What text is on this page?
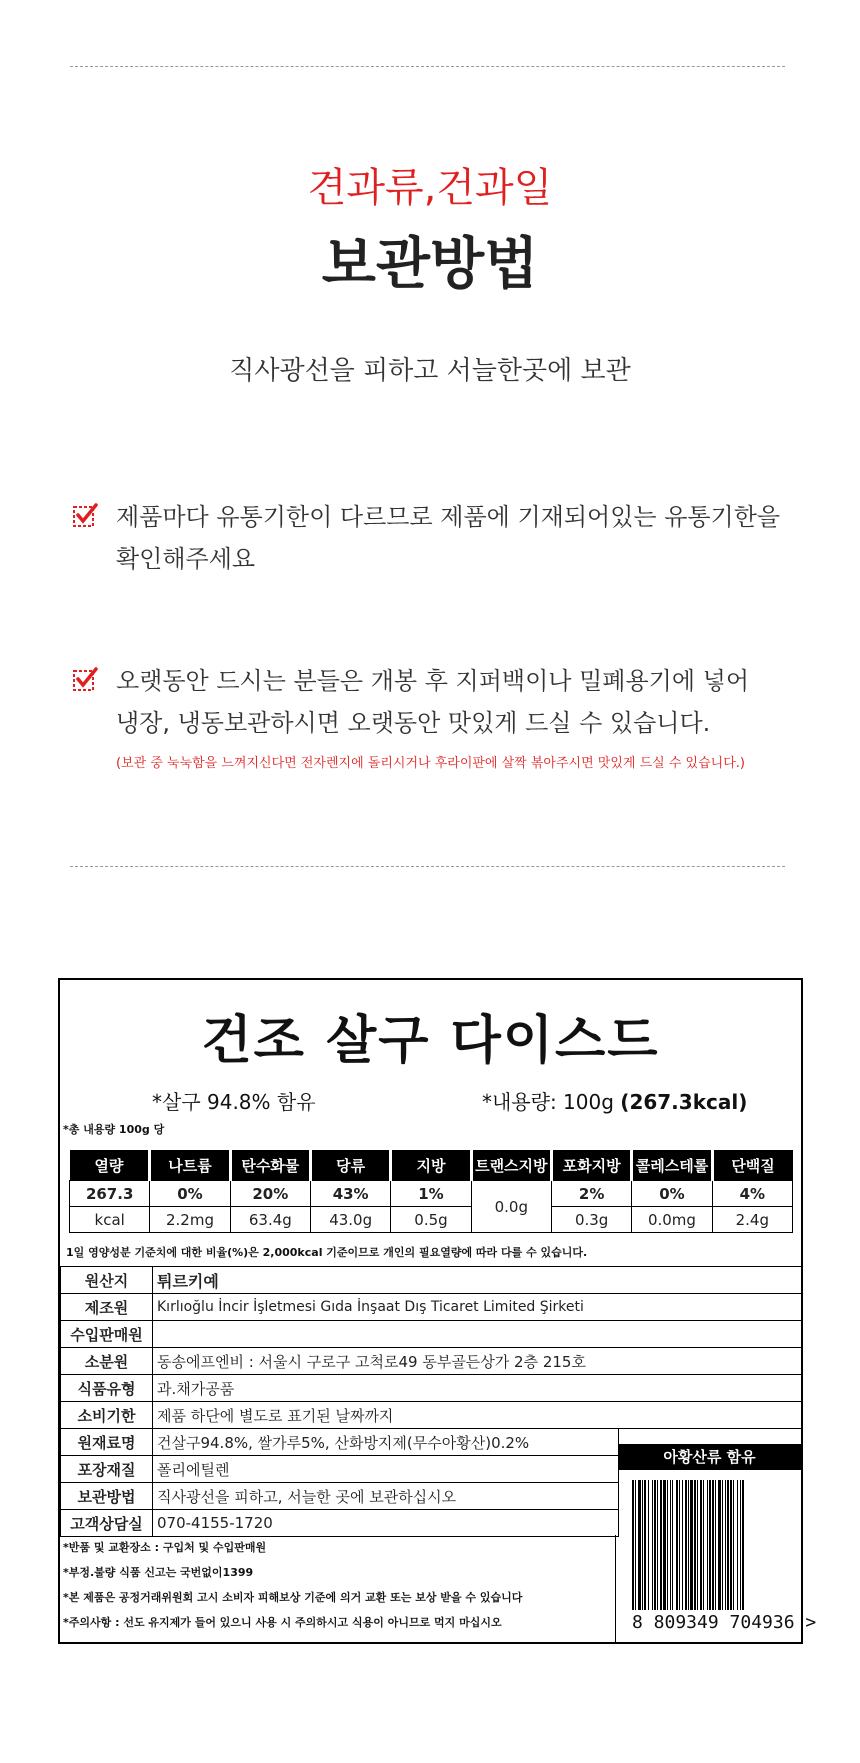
견과류,건과일
보관방법
직사광선을 피하고 서늘한곳에 보관
제품마다 유통기한이 다르므로 제품에 기재되어있는 유통기한을
확인해주세요
오랫동안 드시는 분들은 개봉 후 지퍼백이나 밀폐용기에 넣어
냉장, 냉동보관하시면 오랫동안 맛있게 드실 수 있습니다.
(보관 중 눅눅함을 느껴지신다면 전자렌지에 돌리시거나 후라이판에 살짝 볶아주시면 맛있게 드실 수 있습니다.)
건조 살구 다이스드
*살구 94.8% 함유	*내용량: 100g (267.3kcal)
*총 내용량 100g 당
열량	나트륨	탄수화물	당류	지방	트랜스지방	포화지방	콜레스테롤	단백질
267.3	0%	20%	43%	1%	0.0g	2%	0%	4%
kcal	2.2mg	63.4g	43.0g	0.5g		0.3g	0.0mg	2.4g
1일 영양성분 기준치에 대한 비율(%)은 2,000kcal 기준이므로 개인의 필요열량에 따라 다를 수 있습니다.
원산지	튀르키예	
제조원	Kırlıoğlu İncir İşletmesi Gıda İnşaat Dış Ticaret Limited Şirketi	
수입판매원		
소분원	동송에프엔비 : 서울시 구로구 고척로49 동부골든상가 2층 215호	
식품유형	과.채가공품	
소비기한	제품 하단에 별도로 표기된 날짜까지	
원재료명	건살구94.8%, 쌀가루5%, 산화방지제(무수아황산)0.2%	
포장재질	폴리에틸렌	
보관방법	직사광선을 피하고, 서늘한 곳에 보관하십시오	
고객상담실	070-4155-1720	
아황산류 함유
*반품 및 교환장소 : 구입처 및 수입판매원
*부정.불량 식품 신고는 국번없이1399
*본 제품은 공정거래위원회 고시 소비자 피해보상 기준에 의거 교환 또는 보상 받을 수 있습니다
*주의사항 : 선도 유지제가 들어 있으니 사용 시 주의하시고 식용이 아니므로 먹지 마십시오	8 809349 704936 >
